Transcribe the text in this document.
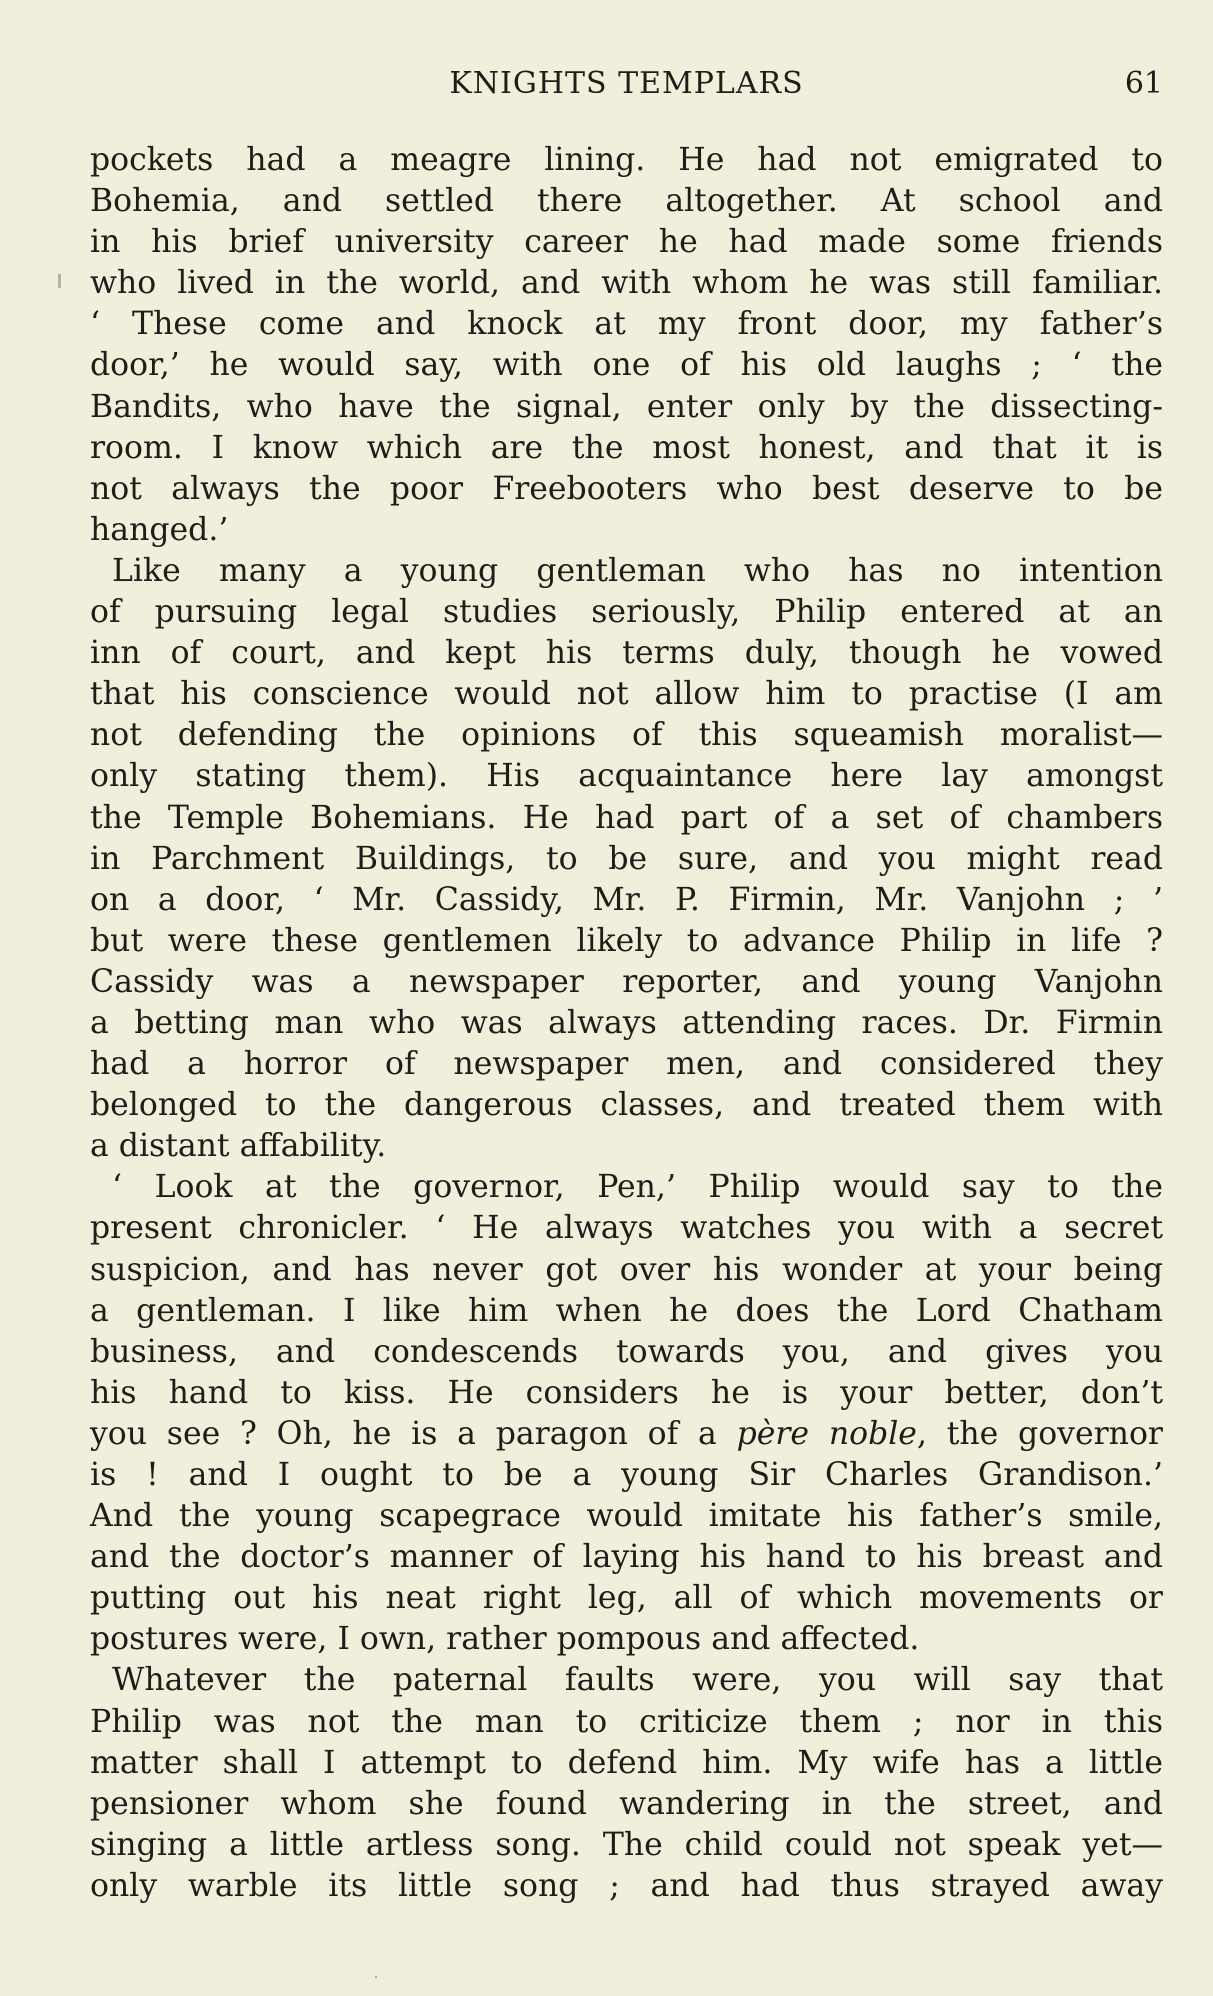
KNIGHTS TEMPLARS	61
pockets had a meagre lining. He had not emigrated to
Bohemia, and settled there altogether. At school and
in his brief university career he had made some friends
who lived in the world, and with whom he was still familiar.
‘ These come and knock at my front door, my father’s
door,’ he would say, with one of his old laughs ; ‘ the
Bandits, who have the signal, enter only by the dissecting-
room. I know which are the most honest, and that it is
not always the poor Freebooters who best deserve to be
hanged.’
Like many a young gentleman who has no intention
of pursuing legal studies seriously, Philip entered at an
inn of court, and kept his terms duly, though he vowed
that his conscience would not allow him to practise (I am
not defending the opinions of this squeamish moralist—
only stating them). His acquaintance here lay amongst
the Temple Bohemians. He had part of a set of chambers
in Parchment Buildings, to be sure, and you might read
on a door, ‘ Mr. Cassidy, Mr. P. Firmin, Mr. Vanjohn ; ’
but were these gentlemen likely to advance Philip in life ?
Cassidy was a newspaper reporter, and young Vanjohn
a betting man who was always attending races. Dr. Firmin
had a horror of newspaper men, and considered they
belonged to the dangerous classes, and treated them with
a distant affability.
‘ Look at the governor, Pen,’ Philip would say to the
present chronicler. ‘ He always watches you with a secret
suspicion, and has never got over his wonder at your being
a gentleman. I like him when he does the Lord Chatham
business, and condescends towards you, and gives you
his hand to kiss. He considers he is your better, don’t
you see ? Oh, he is a paragon of a père noble, the governor
is ! and I ought to be a young Sir Charles Grandison.’
And the young scapegrace would imitate his father’s smile,
and the doctor’s manner of laying his hand to his breast and
putting out his neat right leg, all of which movements or
postures were, I own, rather pompous and affected.
Whatever the paternal faults were, you will say that
Philip was not the man to criticize them ; nor in this
matter shall I attempt to defend him. My wife has a little
pensioner whom she found wandering in the street, and
singing a little artless song. The child could not speak yet—
only warble its little song ; and had thus strayed away
